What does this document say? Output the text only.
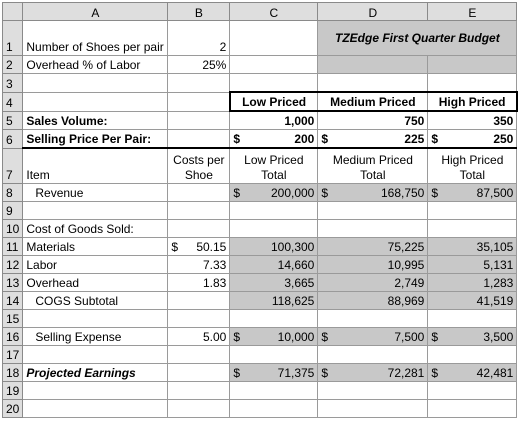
	A	B	C	D	E
1	Number of Shoes per pair	2		TZEdge First Quarter Budget	
2	Overhead % of Labor	25%			
3					
4			Low Priced	Medium Priced	High Priced
5	Sales Volume:		1,000	750	350
6	Selling Price Per Pair:		$ 200	$ 225	$ 250

7	Item	Costs per Shoe	Low Priced Total	Medium Priced Total	High Priced Total
8	Revenue		$ 200,000	$ 168,750	$ 87,500

9					
10	Cost of Goods Sold:				
11	Materials	$ 50.15	100,300	75,225	35,105
12	Labor	7.33	14,660	10,995	5,131
13	Overhead	1.83	3,665	2,749	1,283
14	COGS Subtotal		118,625	88,969	41,519
15					
16	Selling Expense	5.00	$ 10,000	$ 7,500	$ 3,500

17					
18	Projected Earnings		$ 71,375	$ 72,281	$ 42,481

19					
20					
